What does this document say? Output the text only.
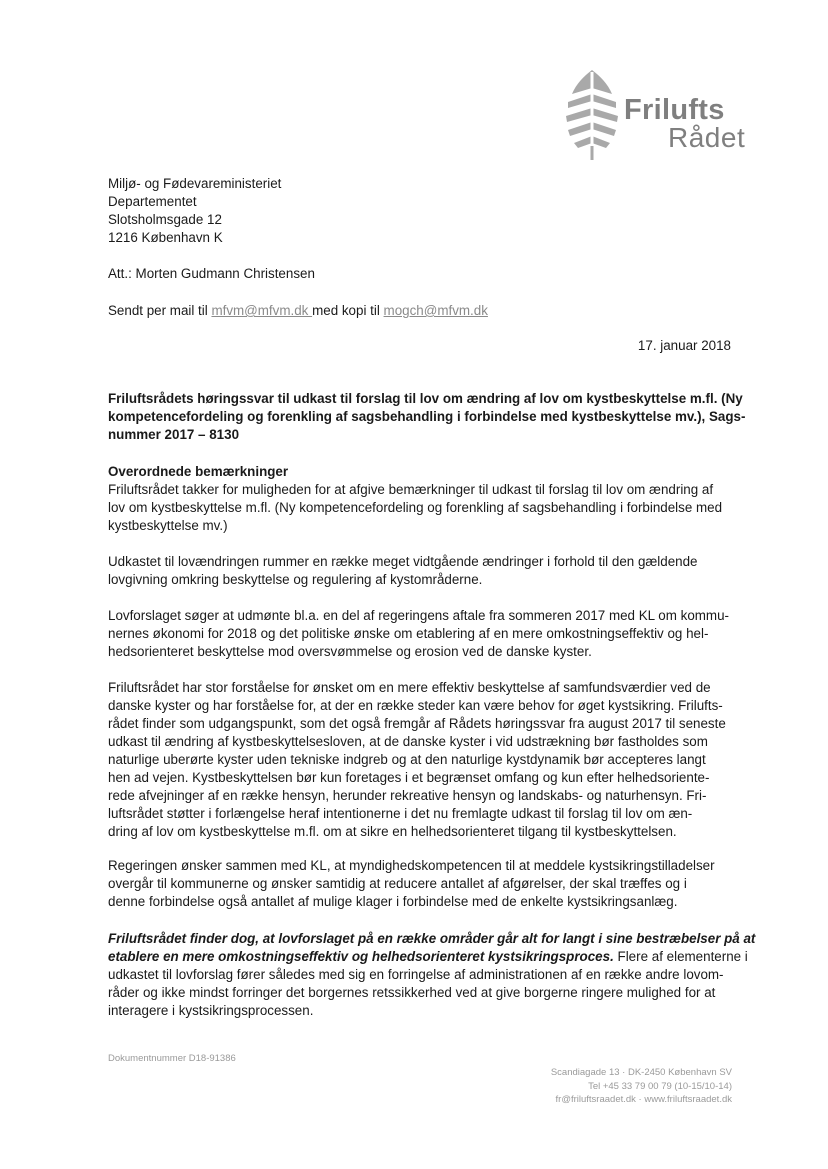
Frilufts
Rådet
Miljø- og Fødevareministeriet
Departementet
Slotsholmsgade 12
1216 København K
Att.: Morten Gudmann Christensen
Sendt per mail til mfvm@mfvm.dk med kopi til mogch@mfvm.dk
17. januar 2018
Friluftsrådets høringssvar til udkast til forslag til lov om ændring af lov om kystbeskyttelse m.fl. (Ny
kompetencefordeling og forenkling af sagsbehandling i forbindelse med kystbeskyttelse mv.), Sags-
nummer 2017 – 8130
Overordnede bemærkninger
Friluftsrådet takker for muligheden for at afgive bemærkninger til udkast til forslag til lov om ændring af
lov om kystbeskyttelse m.fl. (Ny kompetencefordeling og forenkling af sagsbehandling i forbindelse med
kystbeskyttelse mv.)
Udkastet til lovændringen rummer en række meget vidtgående ændringer i forhold til den gældende
lovgivning omkring beskyttelse og regulering af kystområderne.
Lovforslaget søger at udmønte bl.a. en del af regeringens aftale fra sommeren 2017 med KL om kommu-
nernes økonomi for 2018 og det politiske ønske om etablering af en mere omkostningseffektiv og hel-
hedsorienteret beskyttelse mod oversvømmelse og erosion ved de danske kyster.
Friluftsrådet har stor forståelse for ønsket om en mere effektiv beskyttelse af samfundsværdier ved de
danske kyster og har forståelse for, at der en række steder kan være behov for øget kystsikring. Frilufts-
rådet finder som udgangspunkt, som det også fremgår af Rådets høringssvar fra august 2017 til seneste
udkast til ændring af kystbeskyttelsesloven, at de danske kyster i vid udstrækning bør fastholdes som
naturlige uberørte kyster uden tekniske indgreb og at den naturlige kystdynamik bør accepteres langt
hen ad vejen. Kystbeskyttelsen bør kun foretages i et begrænset omfang og kun efter helhedsoriente-
rede afvejninger af en række hensyn, herunder rekreative hensyn og landskabs- og naturhensyn. Fri-
luftsrådet støtter i forlængelse heraf intentionerne i det nu fremlagte udkast til forslag til lov om æn-
dring af lov om kystbeskyttelse m.fl. om at sikre en helhedsorienteret tilgang til kystbeskyttelsen.
Regeringen ønsker sammen med KL, at myndighedskompetencen til at meddele kystsikringstilladelser
overgår til kommunerne og ønsker samtidig at reducere antallet af afgørelser, der skal træffes og i
denne forbindelse også antallet af mulige klager i forbindelse med de enkelte kystsikringsanlæg.
Friluftsrådet finder dog, at lovforslaget på en række områder går alt for langt i sine bestræbelser på at
etablere en mere omkostningseffektiv og helhedsorienteret kystsikringsproces. Flere af elementerne i
udkastet til lovforslag fører således med sig en forringelse af administrationen af en række andre lovom-
råder og ikke mindst forringer det borgernes retssikkerhed ved at give borgerne ringere mulighed for at
interagere i kystsikringsprocessen.
Dokumentnummer D18-91386
Scandiagade 13 · DK-2450 København SV
Tel +45 33 79 00 79 (10-15/10-14)
fr@friluftsraadet.dk · www.friluftsraadet.dk
